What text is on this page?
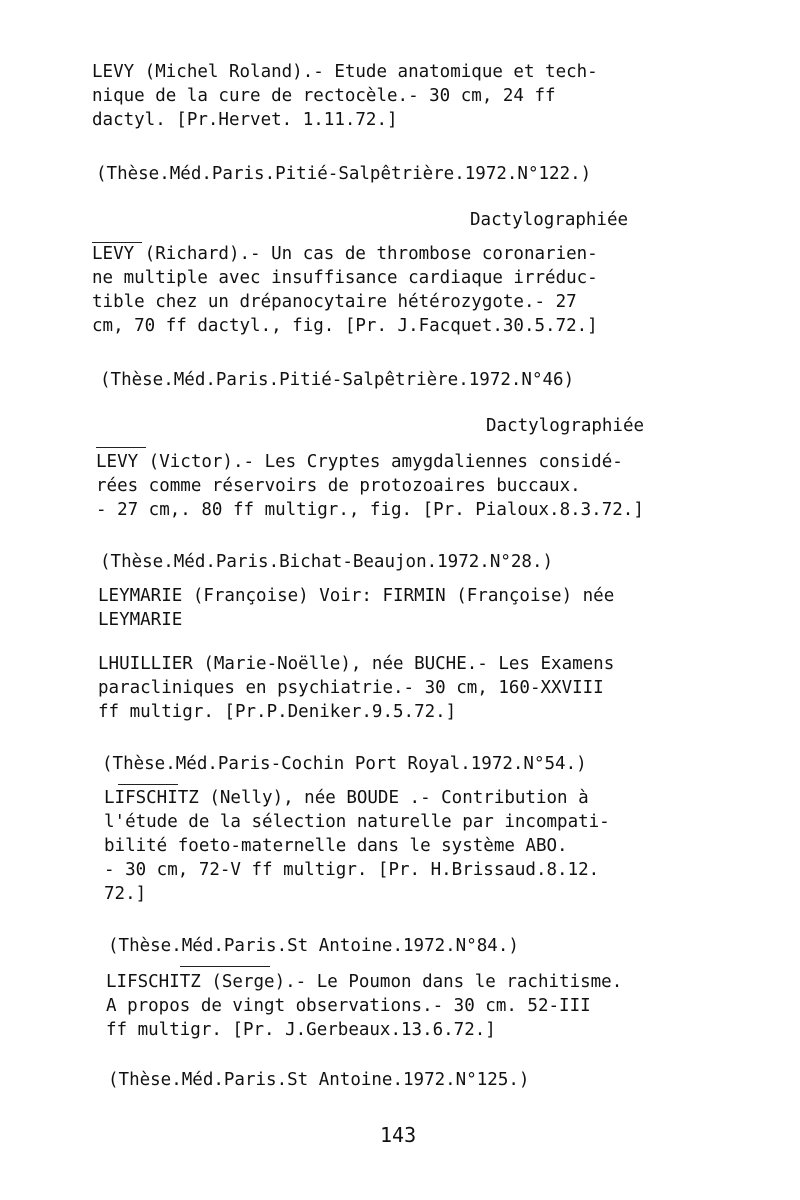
LEVY (Michel Roland).- Etude anatomique et tech-
nique de la cure de rectocèle.- 30 cm, 24 ff
dactyl. [Pr.Hervet. 1.11.72.]
(Thèse.Méd.Paris.Pitié-Salpêtrière.1972.N°122.)
Dactylographiée
LEVY (Richard).- Un cas de thrombose coronarien-
ne multiple avec insuffisance cardiaque irréduc-
tible chez un drépanocytaire hétérozygote.- 27
cm, 70 ff dactyl., fig. [Pr. J.Facquet.30.5.72.]
(Thèse.Méd.Paris.Pitié-Salpêtrière.1972.N°46)
Dactylographiée
LEVY (Victor).- Les Cryptes amygdaliennes considé-
rées comme réservoirs de protozoaires buccaux.
- 27 cm,. 80 ff multigr., fig. [Pr. Pialoux.8.3.72.]
(Thèse.Méd.Paris.Bichat-Beaujon.1972.N°28.)
LEYMARIE (Françoise) Voir: FIRMIN (Françoise) née
LEYMARIE
LHUILLIER (Marie-Noëlle), née BUCHE.- Les Examens
paracliniques en psychiatrie.- 30 cm, 160-XXVIII
ff multigr. [Pr.P.Deniker.9.5.72.]
(Thèse.Méd.Paris-Cochin Port Royal.1972.N°54.)
LIFSCHITZ (Nelly), née BOUDE .- Contribution à
l'étude de la sélection naturelle par incompati-
bilité foeto-maternelle dans le système ABO.
- 30 cm, 72-V ff multigr. [Pr. H.Brissaud.8.12.
72.]
(Thèse.Méd.Paris.St Antoine.1972.N°84.)
LIFSCHITZ (Serge).- Le Poumon dans le rachitisme.
A propos de vingt observations.- 30 cm. 52-III
ff multigr. [Pr. J.Gerbeaux.13.6.72.]
(Thèse.Méd.Paris.St Antoine.1972.N°125.)
143
